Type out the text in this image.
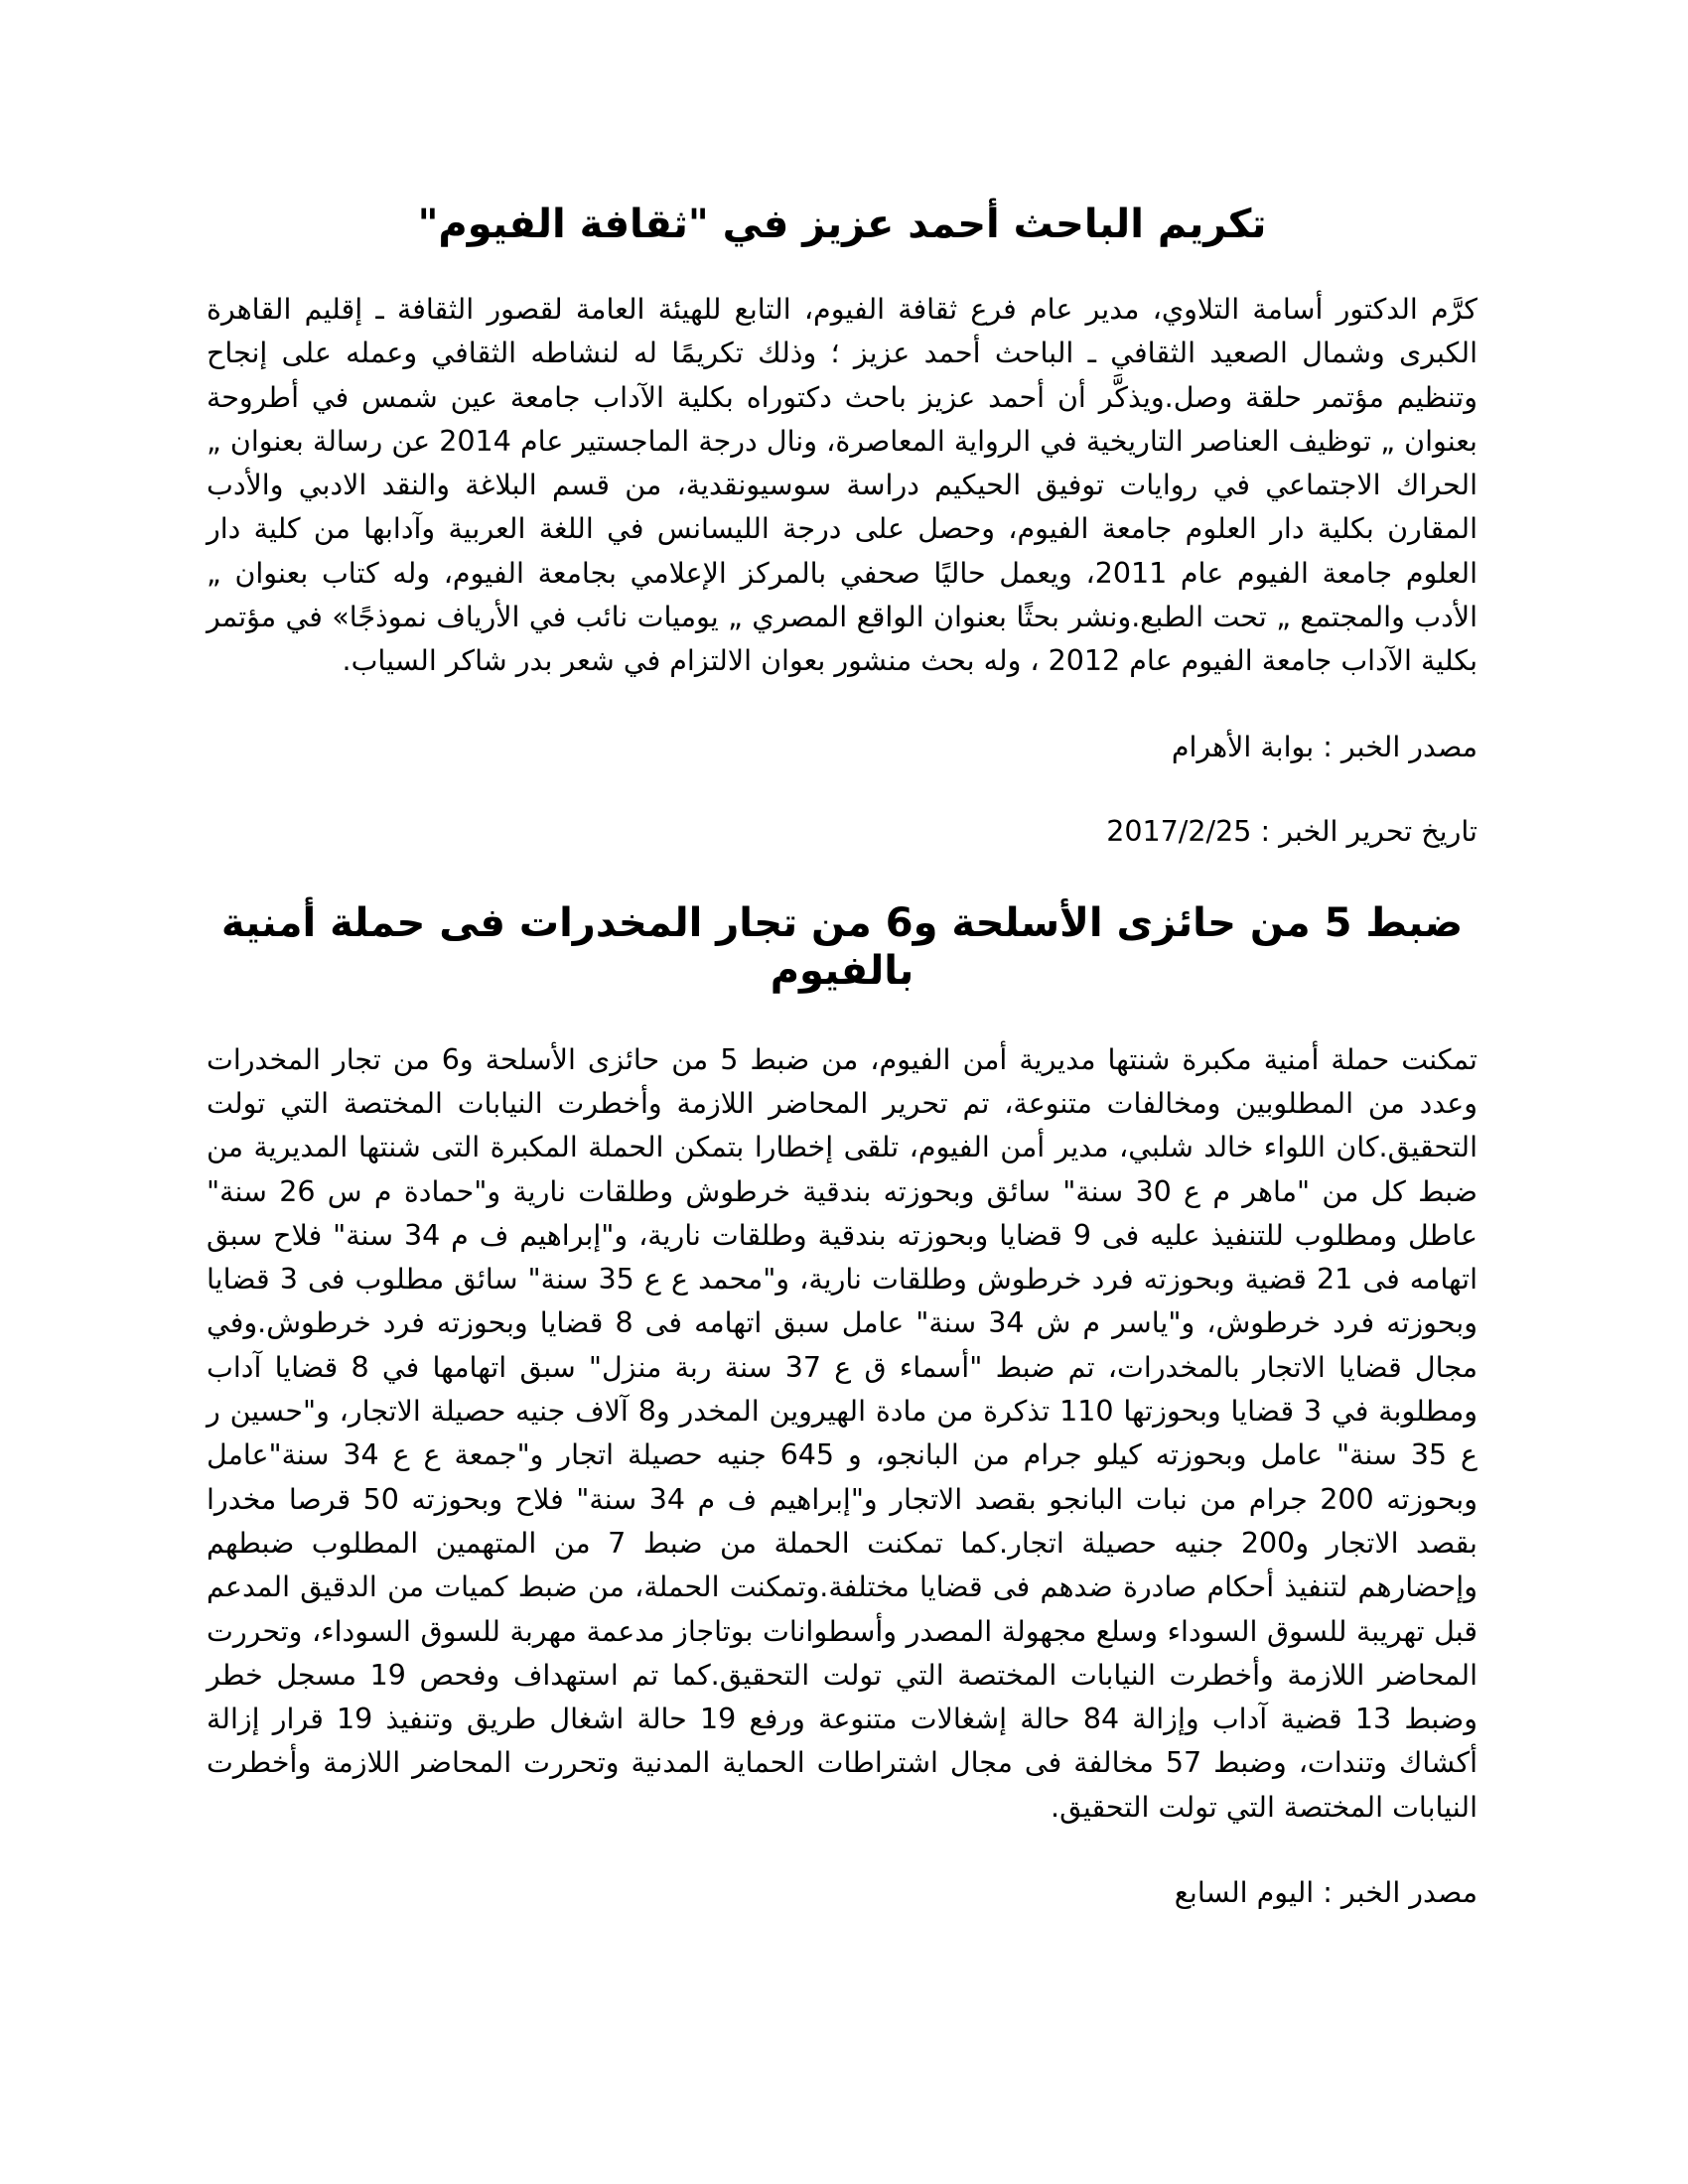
تكريم الباحث أحمد عزيز في "ثقافة الفيوم"

كرَّم الدكتور أسامة التلاوي، مدير عام فرع ثقافة الفيوم، التابع للهيئة العامة لقصور الثقافة ـ إقليم القاهرة الكبرى وشمال الصعيد الثقافي ـ الباحث أحمد عزيز ؛ وذلك تكريمًا له لنشاطه الثقافي وعمله على إنجاح وتنظيم مؤتمر حلقة وصل.ويذكَّر أن أحمد عزيز باحث دكتوراه بكلية الآداب جامعة عين شمس في أطروحة بعنوان „ توظيف العناصر التاريخية في الرواية المعاصرة، ونال درجة الماجستير عام 2014 عن رسالة بعنوان „ الحراك الاجتماعي في روايات توفيق الحيكيم دراسة سوسيونقدية، من قسم البلاغة والنقد الادبي والأدب المقارن بكلية دار العلوم جامعة الفيوم، وحصل على درجة الليسانس في اللغة العربية وآدابها من كلية دار العلوم جامعة الفيوم عام 2011، ويعمل حاليًا صحفي بالمركز الإعلامي بجامعة الفيوم، وله كتاب بعنوان „ الأدب والمجتمع „ تحت الطبع.ونشر بحثًا بعنوان الواقع المصري „ يوميات نائب في الأرياف نموذجًا» في مؤتمر بكلية الآداب جامعة الفيوم عام 2012 ، وله بحث منشور بعوان الالتزام في شعر بدر شاكر السياب.

مصدر الخبر : بوابة الأهرام

تاريخ تحرير الخبر : 2017/2/25

ضبط 5 من حائزى الأسلحة و6 من تجار المخدرات فى حملة أمنية بالفيوم

تمكنت حملة أمنية مكبرة شنتها مديرية أمن الفيوم، من ضبط 5 من حائزى الأسلحة و6 من تجار المخدرات وعدد من المطلوبين ومخالفات متنوعة، تم تحرير المحاضر اللازمة وأخطرت النيابات المختصة التي تولت التحقيق.كان اللواء خالد شلبي، مدير أمن الفيوم، تلقى إخطارا بتمكن الحملة المكبرة التى شنتها المديرية من ضبط كل من "ماهر م ع 30 سنة" سائق وبحوزته بندقية خرطوش وطلقات نارية و"حمادة م س 26 سنة" عاطل ومطلوب للتنفيذ عليه فى 9 قضايا وبحوزته بندقية وطلقات نارية، و"إبراهيم ف م 34 سنة" فلاح سبق اتهامه فى 21 قضية وبحوزته فرد خرطوش وطلقات نارية، و"محمد ع ع 35 سنة" سائق مطلوب فى 3 قضايا وبحوزته فرد خرطوش، و"ياسر م ش 34 سنة" عامل سبق اتهامه فى 8 قضايا وبحوزته فرد خرطوش.وفي مجال قضايا الاتجار بالمخدرات، تم ضبط "أسماء ق ع 37 سنة ربة منزل" سبق اتهامها في 8 قضايا آداب ومطلوبة في 3 قضايا وبحوزتها 110 تذكرة من مادة الهيروين المخدر و8 آلاف جنيه حصيلة الاتجار، و"حسين ر ع 35 سنة" عامل وبحوزته كيلو جرام من البانجو، و 645 جنيه حصيلة اتجار و"جمعة ع ع 34 سنة"عامل وبحوزته 200 جرام من نبات البانجو بقصد الاتجار و"إبراهيم ف م 34 سنة" فلاح وبحوزته 50 قرصا مخدرا بقصد الاتجار و200 جنيه حصيلة اتجار.كما تمكنت الحملة من ضبط 7 من المتهمين المطلوب ضبطهم وإحضارهم لتنفيذ أحكام صادرة ضدهم فى قضايا مختلفة.وتمكنت الحملة، من ضبط كميات من الدقيق المدعم قبل تهريبة للسوق السوداء وسلع مجهولة المصدر وأسطوانات بوتاجاز مدعمة مهربة للسوق السوداء، وتحررت المحاضر اللازمة وأخطرت النيابات المختصة التي تولت التحقيق.كما تم استهداف وفحص 19 مسجل خطر وضبط 13 قضية آداب وإزالة 84 حالة إشغالات متنوعة ورفع 19 حالة اشغال طريق وتنفيذ 19 قرار إزالة أكشاك وتندات، وضبط 57 مخالفة فى مجال اشتراطات الحماية المدنية وتحررت المحاضر اللازمة وأخطرت النيابات المختصة التي تولت التحقيق.

مصدر الخبر : اليوم السابع
